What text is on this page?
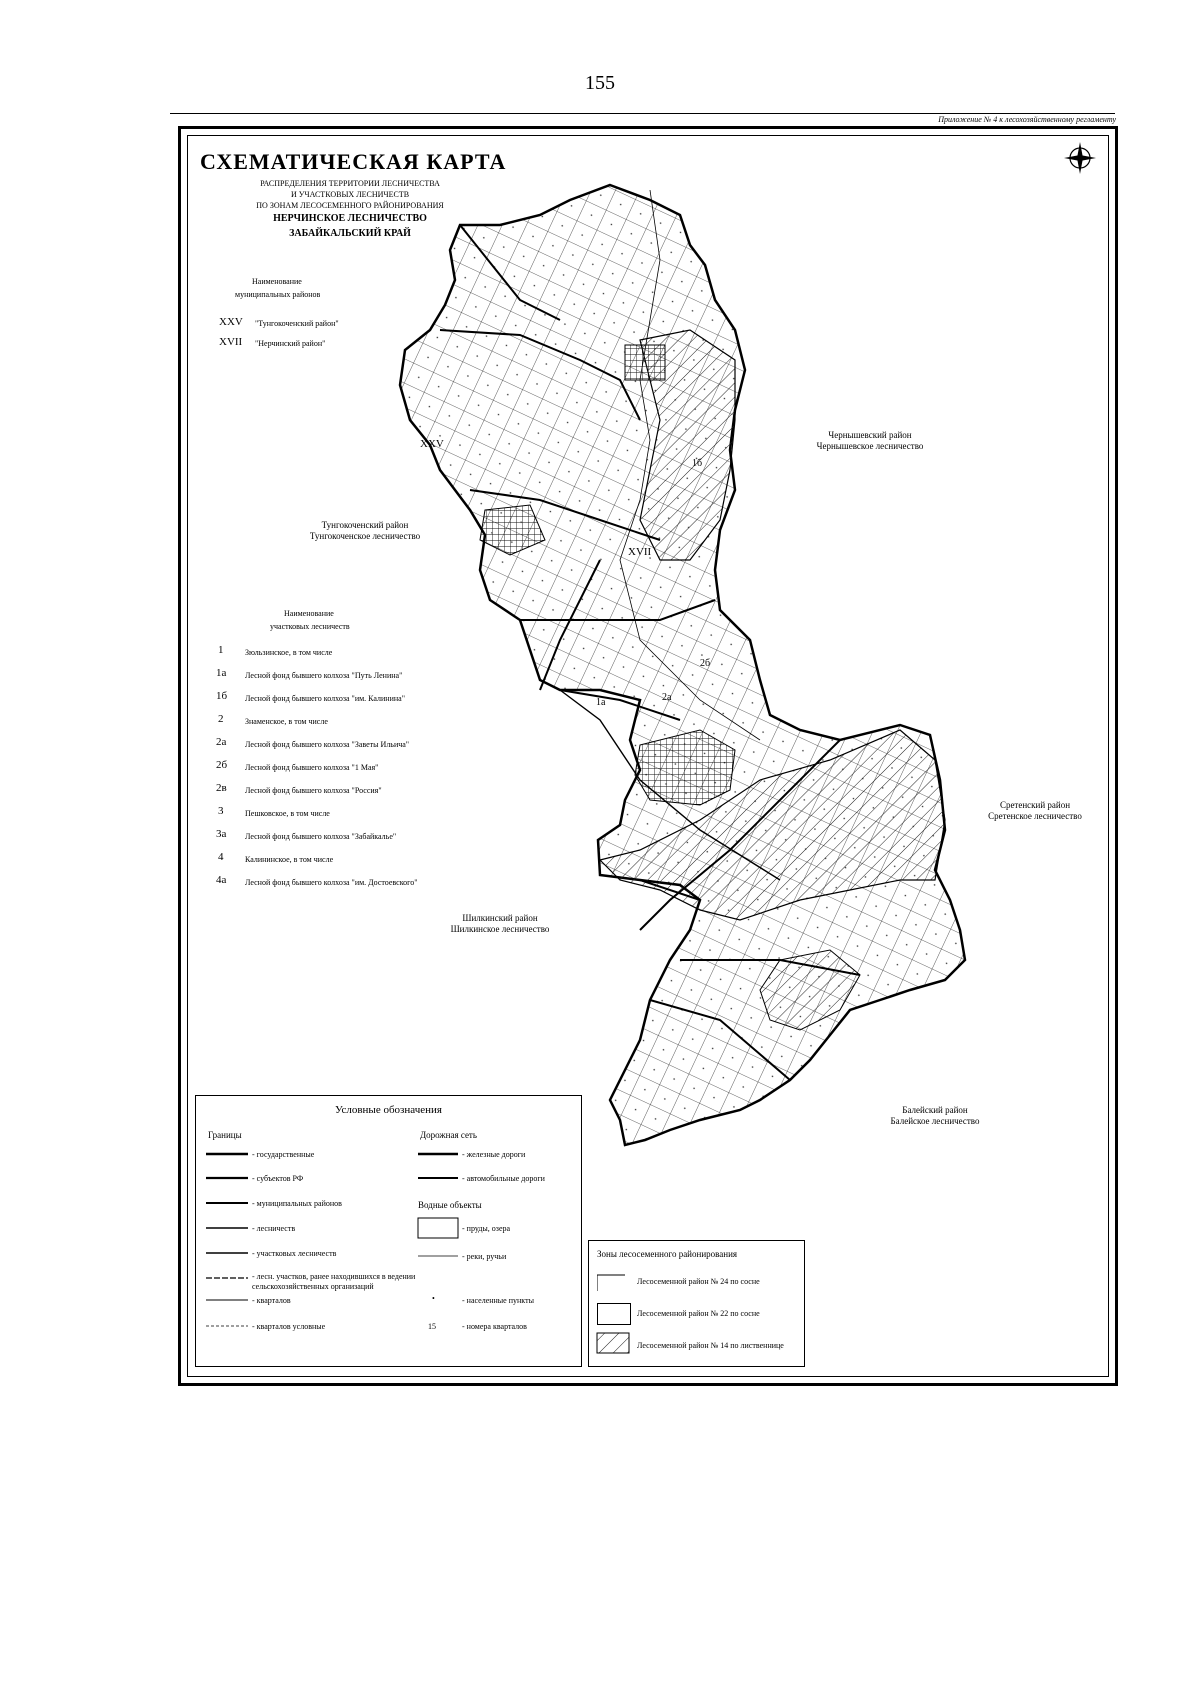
155
Приложение № 4 к лесохозяйственному регламенту
СХЕМАТИЧЕСКАЯ КАРТА
РАСПРЕДЕЛЕНИЯ ТЕРРИТОРИИ ЛЕСНИЧЕСТВА
И УЧАСТКОВЫХ ЛЕСНИЧЕСТВ
ПО ЗОНАМ ЛЕСОСЕМЕННОГО РАЙОНИРОВАНИЯ
НЕРЧИНСКОЕ ЛЕСНИЧЕСТВО
ЗАБАЙКАЛЬСКИЙ КРАЙ
Наименование
муниципальных районов
XXV "Тунгокоченский район"
XVII "Нерчинский район"
Наименование
участковых лесничеств
1	Зюльзинское, в том числе
1а Лесной фонд бывшего колхоза "Путь Ленина"
1б Лесной фонд бывшего колхоза "им. Калинина"
2	Знаменское, в том числе
2а Лесной фонд бывшего колхоза "Заветы Ильича"
2б Лесной фонд бывшего колхоза "1 Мая"
2в Лесной фонд бывшего колхоза "Россия"
3	Пешковское, в том числе
3а Лесной фонд бывшего колхоза "Забайкалье"
4	Калининское, в том числе
4а Лесной фонд бывшего колхоза "им. Достоевского"
Чернышевский район
Чернышевское лесничество
Тунгокоченский район
Тунгокоченское лесничество
Сретенский район
Сретенское лесничество
Шилкинский район
Шилкинское лесничество
Балейский район
Балейское лесничество
XXV
XVII
1а
2б
2а
1б
Условные обозначения
Границы	Дорожная сеть
- государственные
- субъектов РФ
- муниципальных районов
- лесничеств
- участковых лесничеств
- лесн. участков, ранее находившихся в ведении сельскохозяйственных организаций
- кварталов
- кварталов условные
- железные дороги
- автомобильные дороги
Водные объекты
- пруды, озера
- реки, ручьи
•	- населенные пункты
15	- номера кварталов
Зоны лесосеменного районирования
Лесосеменной район № 24 по сосне
Лесосеменной район № 22 по сосне
Лесосеменной район № 14 по лиственнице
